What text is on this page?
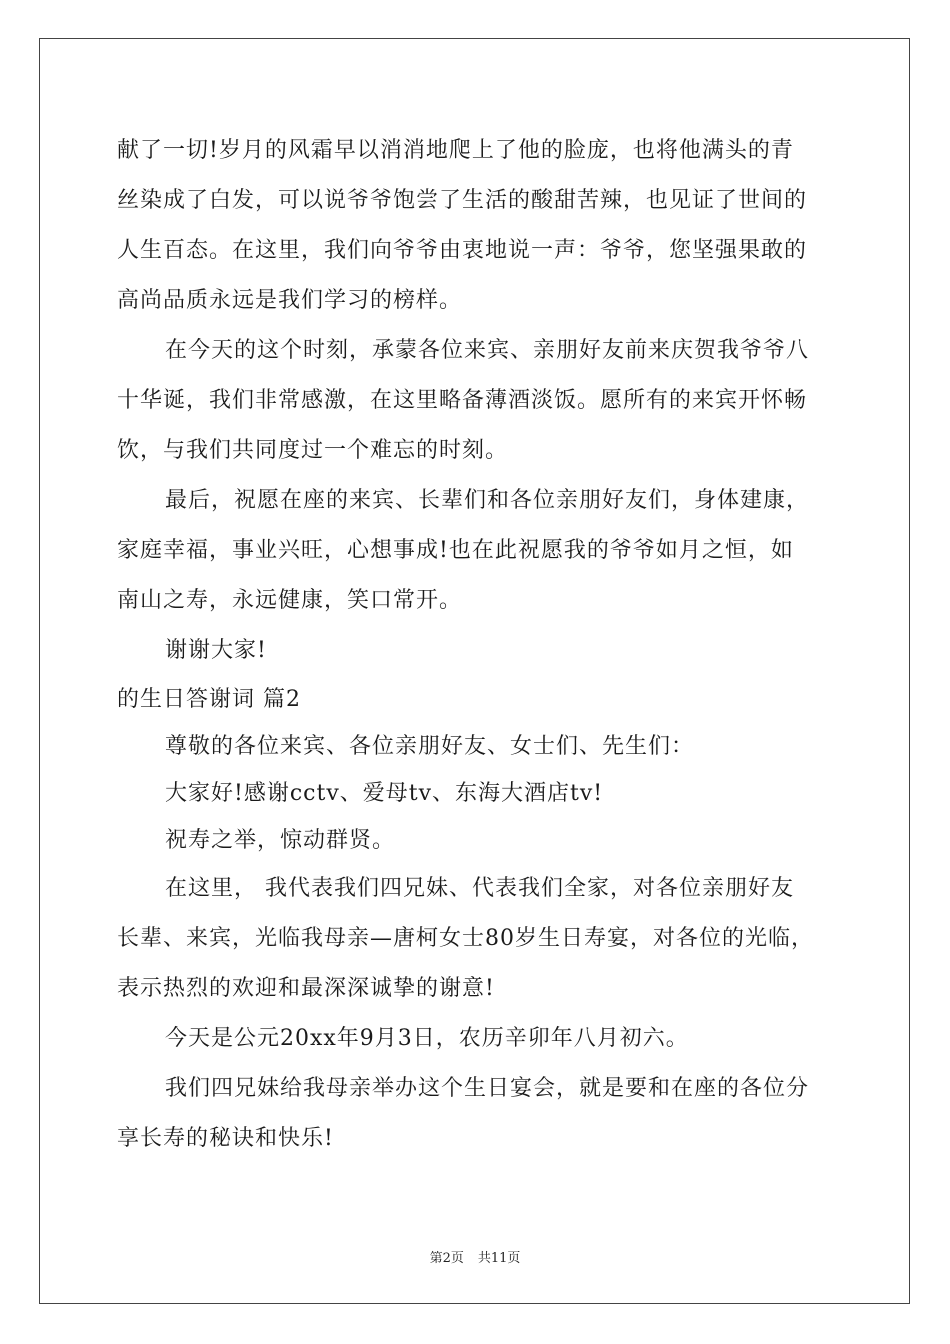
献了一切!岁月的风霜早以消消地爬上了他的脸庞，也将他满头的青
丝染成了白发，可以说爷爷饱尝了生活的酸甜苦辣，也见证了世间的
人生百态。在这里，我们向爷爷由衷地说一声：爷爷，您坚强果敢的
高尚品质永远是我们学习的榜样。
在今天的这个时刻，承蒙各位来宾、亲朋好友前来庆贺我爷爷八
十华诞，我们非常感激，在这里略备薄酒淡饭。愿所有的来宾开怀畅
饮，与我们共同度过一个难忘的时刻。
最后，祝愿在座的来宾、长辈们和各位亲朋好友们，身体建康，
家庭幸福，事业兴旺，心想事成!也在此祝愿我的爷爷如月之恒，如
南山之寿，永远健康，笑口常开。
谢谢大家!
的生日答谢词 篇2
尊敬的各位来宾、各位亲朋好友、女士们、先生们：
大家好!感谢cctv、爱母tv、东海大酒店tv!
祝寿之举，惊动群贤。
在这里， 我代表我们四兄妹、代表我们全家，对各位亲朋好友
长辈、来宾，光临我母亲—唐柯女士80岁生日寿宴，对各位的光临，
表示热烈的欢迎和最深深诚挚的谢意!
今天是公元20xx年9月3日，农历辛卯年八月初六。
我们四兄妹给我母亲举办这个生日宴会，就是要和在座的各位分
享长寿的秘诀和快乐!
第2页 共11页
